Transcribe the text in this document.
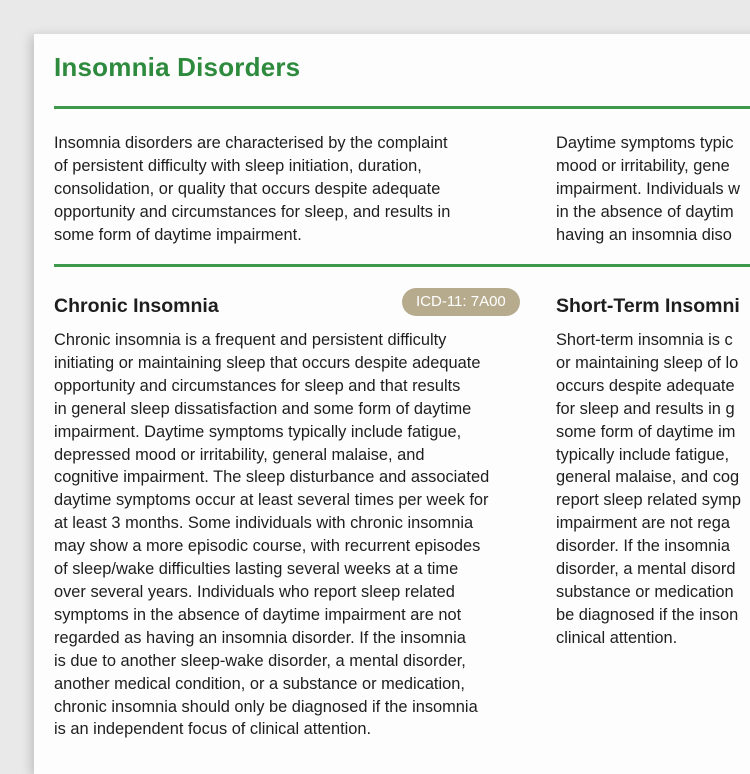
Insomnia Disorders

Insomnia disorders are characterised by the complaint
of persistent difficulty with sleep initiation, duration,
consolidation, or quality that occurs despite adequate
opportunity and circumstances for sleep, and results in
some form of daytime impairment.

Daytime symptoms typic
mood or irritability, gene
impairment. Individuals w
in the absence of daytim
having an insomnia diso

Chronic Insomnia	ICD-11: 7A00

Chronic insomnia is a frequent and persistent difficulty
initiating or maintaining sleep that occurs despite adequate
opportunity and circumstances for sleep and that results
in general sleep dissatisfaction and some form of daytime
impairment. Daytime symptoms typically include fatigue,
depressed mood or irritability, general malaise, and
cognitive impairment. The sleep disturbance and associated
daytime symptoms occur at least several times per week for
at least 3 months. Some individuals with chronic insomnia
may show a more episodic course, with recurrent episodes
of sleep/wake difficulties lasting several weeks at a time
over several years. Individuals who report sleep related
symptoms in the absence of daytime impairment are not
regarded as having an insomnia disorder. If the insomnia
is due to another sleep-wake disorder, a mental disorder,
another medical condition, or a substance or medication,
chronic insomnia should only be diagnosed if the insomnia
is an independent focus of clinical attention.

Short-Term Insomni

Short-term insomnia is c
or maintaining sleep of lo
occurs despite adequate
for sleep and results in g
some form of daytime im
typically include fatigue,
general malaise, and cog
report sleep related symp
impairment are not rega
disorder. If the insomnia
disorder, a mental disord
substance or medication
be diagnosed if the inson
clinical attention.
